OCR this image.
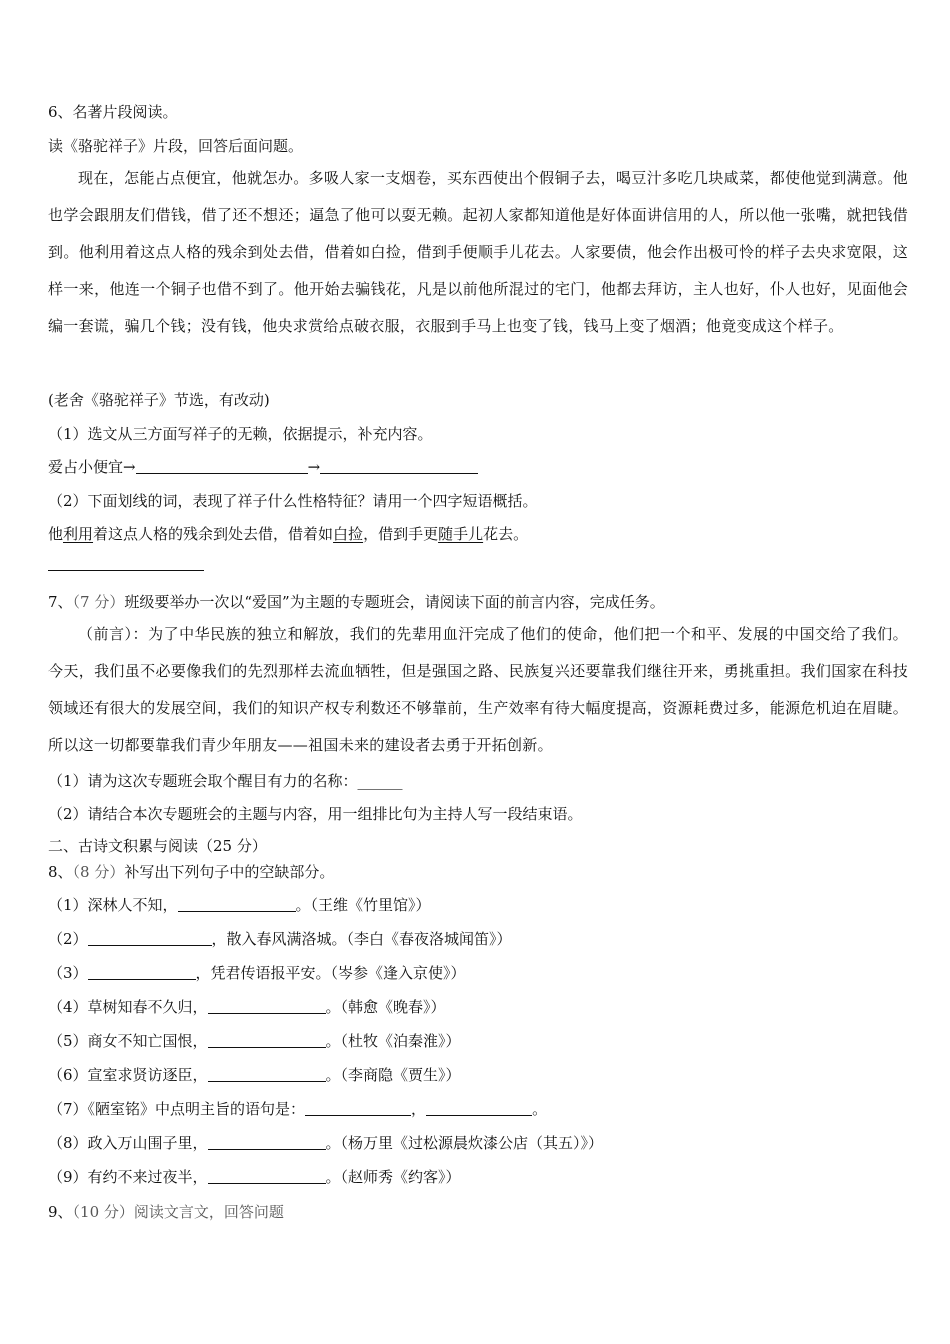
6、名著片段阅读。
读《骆驼祥子》片段，回答后面问题。
现在，怎能占点便宜，他就怎办。多吸人家一支烟卷，买东西使出个假铜子去，喝豆汁多吃几块咸菜，都使他觉到满意。他也学会跟朋友们借钱，借了还不想还；逼急了他可以耍无赖。起初人家都知道他是好体面讲信用的人，所以他一张嘴，就把钱借到。他利用着这点人格的残余到处去借，借着如白捡，借到手便顺手儿花去。人家要债，他会作出极可怜的样子去央求宽限，这样一来，他连一个铜子也借不到了。他开始去骗钱花，凡是以前他所混过的宅门，他都去拜访，主人也好，仆人也好，见面他会编一套谎，骗几个钱；没有钱，他央求赏给点破衣服，衣服到手马上也变了钱，钱马上变了烟酒；他竟变成这个样子。
(老舍《骆驼祥子》节选，有改动)
（1）选文从三方面写祥子的无赖，依据提示，补充内容。
爱占小便宜→	→
（2）下面划线的词，表现了祥子什么性格特征？请用一个四字短语概括。
他利用着这点人格的残余到处去借，借着如白捡，借到手更随手儿花去。
7、（7 分）班级要举办一次以“爱国”为主题的专题班会，请阅读下面的前言内容，完成任务。
（前言）：为了中华民族的独立和解放，我们的先辈用血汗完成了他们的使命，他们把一个和平、发展的中国交给了我们。今天，我们虽不必要像我们的先烈那样去流血牺牲，但是强国之路、民族复兴还要靠我们继往开来，勇挑重担。我们国家在科技领域还有很大的发展空间，我们的知识产权专利数还不够靠前，生产效率有待大幅度提高，资源耗费过多，能源危机迫在眉睫。所以这一切都要靠我们青少年朋友——祖国未来的建设者去勇于开拓创新。
（1）请为这次专题班会取个醒目有力的名称：______
（2）请结合本次专题班会的主题与内容，用一组排比句为主持人写一段结束语。
二、古诗文积累与阅读（25 分）
8、（8 分）补写出下列句子中的空缺部分。
（1）深林人不知，	。（王维《竹里馆》）
（2）	，散入春风满洛城。（李白《春夜洛城闻笛》）
（3）	，凭君传语报平安。（岑参《逢入京使》）
（4）草树知春不久归，	。（韩愈《晚春》）
（5）商女不知亡国恨，	。（杜牧《泊秦淮》）
（6）宣室求贤访逐臣，	。（李商隐《贾生》）
（7）《陋室铭》中点明主旨的语句是：	，	。
（8）政入万山围子里，	。（杨万里《过松源晨炊漆公店（其五）》）
（9）有约不来过夜半，	。（赵师秀《约客》）
9、（10 分）阅读文言文，回答问题
